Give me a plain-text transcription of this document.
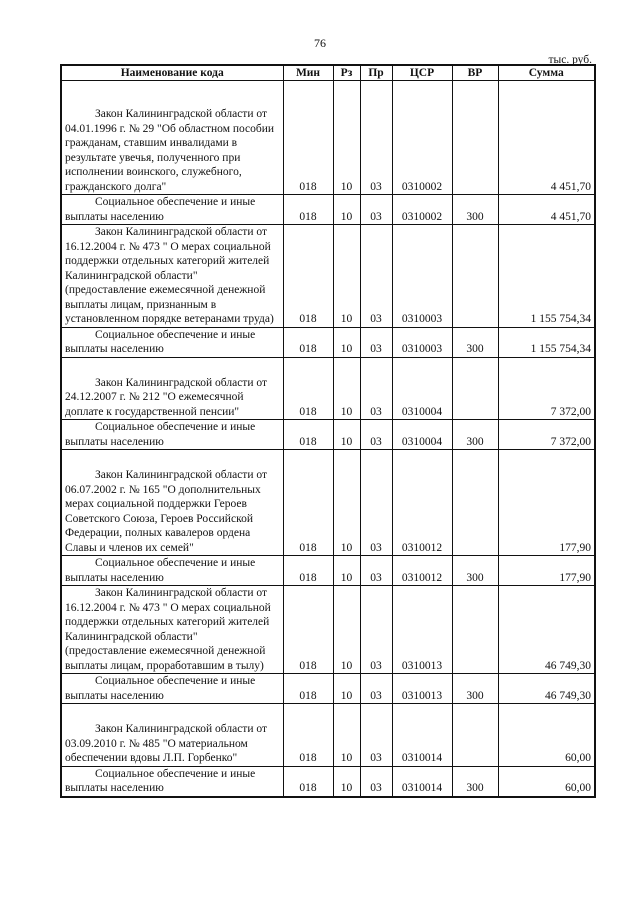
76
тыс. руб.
Наименование кода	Мин	Рз	Пр	ЦСР	ВР	Сумма

Закон Калининградской области от 04.01.1996 г. № 29 "Об областном пособии гражданам, ставшим инвалидами в результате увечья, полученного при исполнении воинского, служебного, гражданского долга"	018	10	03	0310002		4 451,70

Социальное обеспечение и иные выплаты населению	018	10	03	0310002	300	4 451,70

Закон Калининградской области от 16.12.2004 г. № 473 " О мерах социальной поддержки отдельных категорий жителей Калининградской области" (предоставление ежемесячной денежной выплаты лицам, признанным в установленном порядке ветеранами труда)	018	10	03	0310003		1 155 754,34

Социальное обеспечение и иные выплаты населению	018	10	03	0310003	300	1 155 754,34

Закон Калининградской области от 24.12.2007 г. № 212 "О ежемесячной доплате к государственной пенсии"	018	10	03	0310004		7 372,00

Социальное обеспечение и иные выплаты населению	018	10	03	0310004	300	7 372,00

Закон Калининградской области от 06.07.2002 г. № 165 "О дополнительных мерах социальной поддержки Героев Советского Союза, Героев Российской Федерации, полных кавалеров ордена Славы и членов их семей"	018	10	03	0310012		177,90

Социальное обеспечение и иные выплаты населению	018	10	03	0310012	300	177,90

Закон Калининградской области от 16.12.2004 г. № 473 " О мерах социальной поддержки отдельных категорий жителей Калининградской области" (предоставление ежемесячной денежной выплаты лицам, проработавшим в тылу)	018	10	03	0310013		46 749,30

Социальное обеспечение и иные выплаты населению	018	10	03	0310013	300	46 749,30

Закон Калининградской области от 03.09.2010 г. № 485 "О материальном обеспечении вдовы Л.П. Горбенко"	018	10	03	0310014		60,00

Социальное обеспечение и иные выплаты населению	018	10	03	0310014	300	60,00
